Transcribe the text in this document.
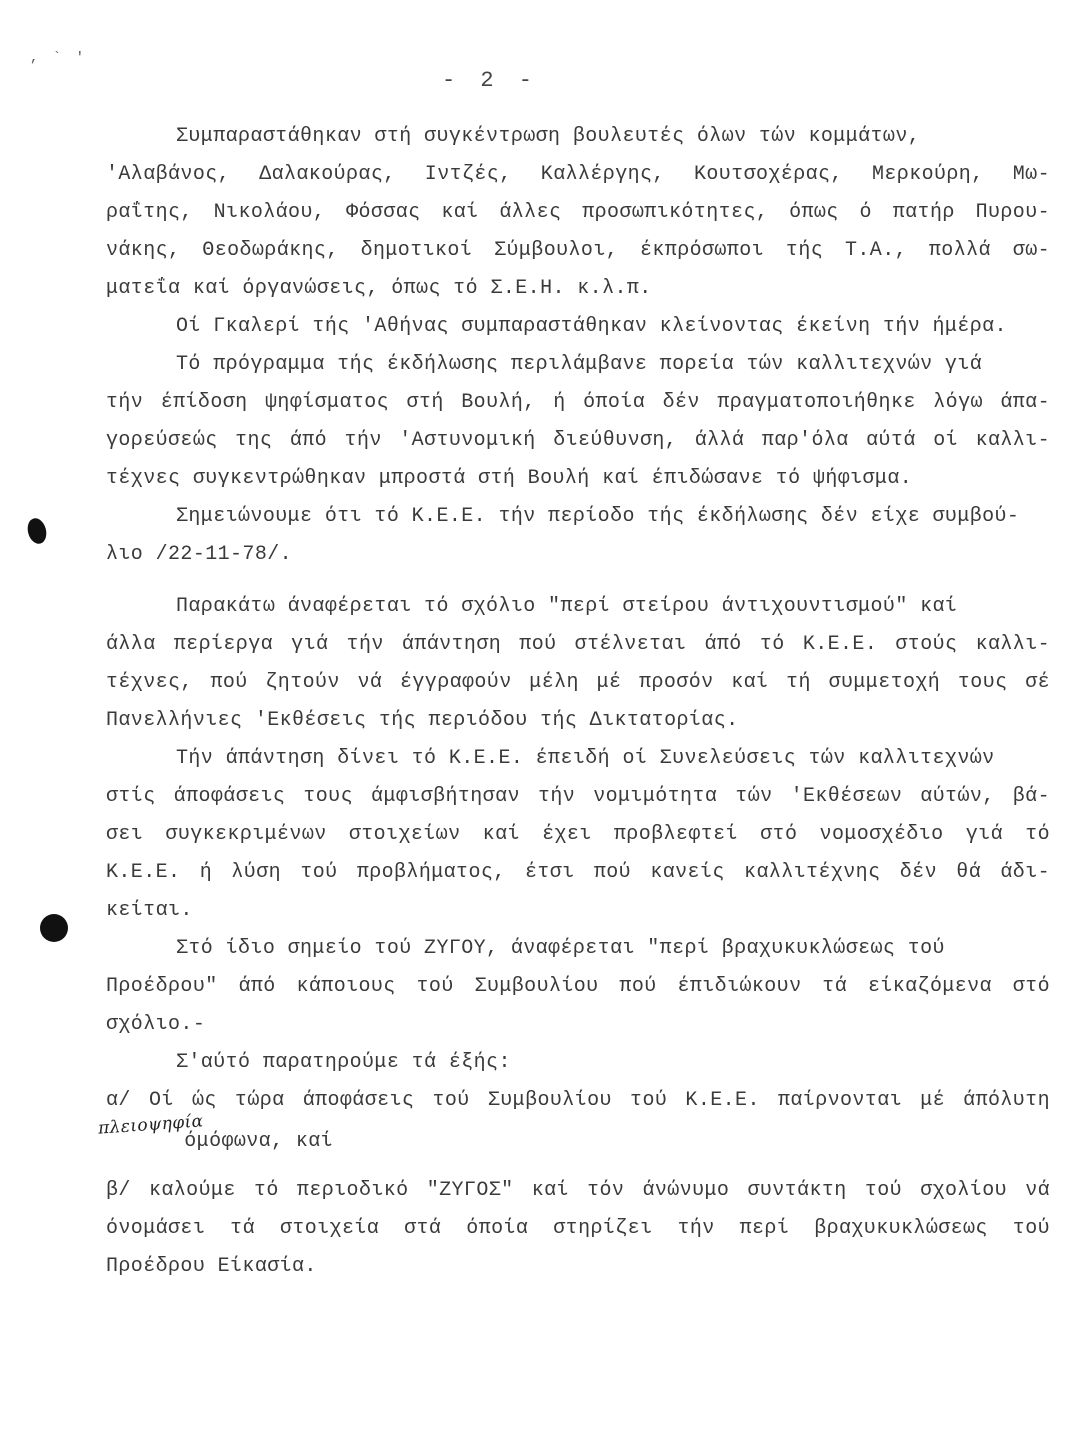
, ` '
- 2 -
Συμπαραστάθηκαν στή συγκέντρωση βουλευτές όλων τών κομμάτων,
'Αλαβάνος, Δαλακούρας, Ιντζές, Καλλέργης, Κουτσοχέρας, Μερκούρη, Μω-
ραΐτης, Νικολάου, Φόσσας καί άλλες προσωπικότητες, όπως ό πατήρ Πυρου-
νάκης, Θεοδωράκης, δημοτικοί Σύμβουλοι, έκπρόσωποι τής Τ.Α., πολλά σω-
ματεΐα καί όργανώσεις, όπως τό Σ.Ε.Η. κ.λ.π.
Οί Γκαλερί τής 'Αθήνας συμπαραστάθηκαν κλείνοντας έκείνη τήν ήμέρα.
Τό πρόγραμμα τής έκδήλωσης περιλάμβανε πορεία τών καλλιτεχνών γιά
τήν έπίδοση ψηφίσματος στή Βουλή, ή όποία δέν πραγματοποιήθηκε λόγω άπα-
γορεύσεώς της άπό τήν 'Αστυνομική διεύθυνση, άλλά παρ'όλα αύτά οί καλλι-
τέχνες συγκεντρώθηκαν μπροστά στή Βουλή καί έπιδώσανε τό ψήφισμα.
Σημειώνουμε ότι τό Κ.Ε.Ε. τήν περίοδο τής έκδήλωσης δέν είχε συμβού-
λιο /22-11-78/.
Παρακάτω άναφέρεται τό σχόλιο "περί στείρου άντιχουντισμού" καί
άλλα περίεργα γιά τήν άπάντηση πού στέλνεται άπό τό Κ.Ε.Ε. στούς καλλι-
τέχνες, πού ζητούν νά έγγραφούν μέλη μέ προσόν καί τή συμμετοχή τους σέ
Πανελλήνιες 'Εκθέσεις τής περιόδου τής Δικτατορίας.
Τήν άπάντηση δίνει τό Κ.Ε.Ε. έπειδή οί Συνελεύσεις τών καλλιτεχνών
στίς άποφάσεις τους άμφισβήτησαν τήν νομιμότητα τών 'Εκθέσεων αύτών, βά-
σει συγκεκριμένων στοιχείων καί έχει προβλεφτεί στό νομοσχέδιο γιά τό
Κ.Ε.Ε. ή λύση τού προβλήματος, έτσι πού κανείς καλλιτέχνης δέν θά άδι-
κείται.
Στό ίδιο σημείο τού ΖΥΓΟΥ, άναφέρεται "περί βραχυκυκλώσεως τού
Προέδρου" άπό κάποιους τού Συμβουλίου πού έπιδιώκουν τά είκαζόμενα στό
σχόλιο.-
Σ'αύτό παρατηρούμε τά έξής:
α/ Οί ώς τώρα άποφάσεις τού Συμβουλίου τού Κ.Ε.Ε. παίρνονται μέ άπόλυτη
πλειοψηφία
όμόφωνα, καί
β/ καλούμε τό περιοδικό "ΖΥΓΟΣ" καί τόν άνώνυμο συντάκτη τού σχολίου νά
όνομάσει τά στοιχεία στά όποία στηρίζει τήν περί βραχυκυκλώσεως τού
Προέδρου Είκασία.
